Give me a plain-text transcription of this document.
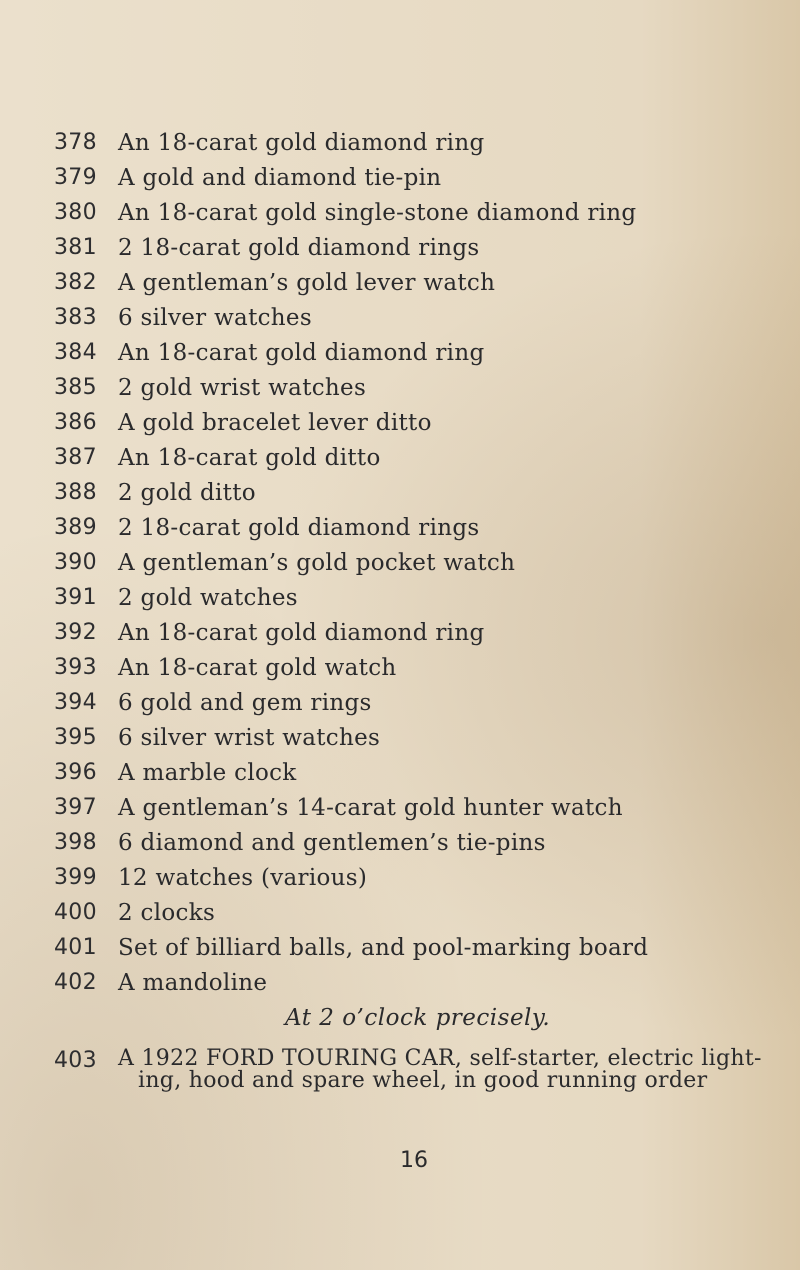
378 An 18-carat gold diamond ring
379 A gold and diamond tie-pin
380 An 18-carat gold single-stone diamond ring
381 2 18-carat gold diamond rings
382 A gentleman’s gold lever watch
383 6 silver watches
384 An 18-carat gold diamond ring
385 2 gold wrist watches
386 A gold bracelet lever ditto
387 An 18-carat gold ditto
388 2 gold ditto
389 2 18-carat gold diamond rings
390 A gentleman’s gold pocket watch
391 2 gold watches
392 An 18-carat gold diamond ring
393 An 18-carat gold watch
394 6 gold and gem rings
395 6 silver wrist watches
396 A marble clock
397 A gentleman’s 14-carat gold hunter watch
398 6 diamond and gentlemen’s tie-pins
399 12 watches (various)
400 2 clocks
401 Set of billiard balls, and pool-marking board
402 A mandoline
At 2 o’clock precisely.
403 A 1922 FORD TOURING CAR, self-starter, electric light-
ing, hood and spare wheel, in good running order
16
